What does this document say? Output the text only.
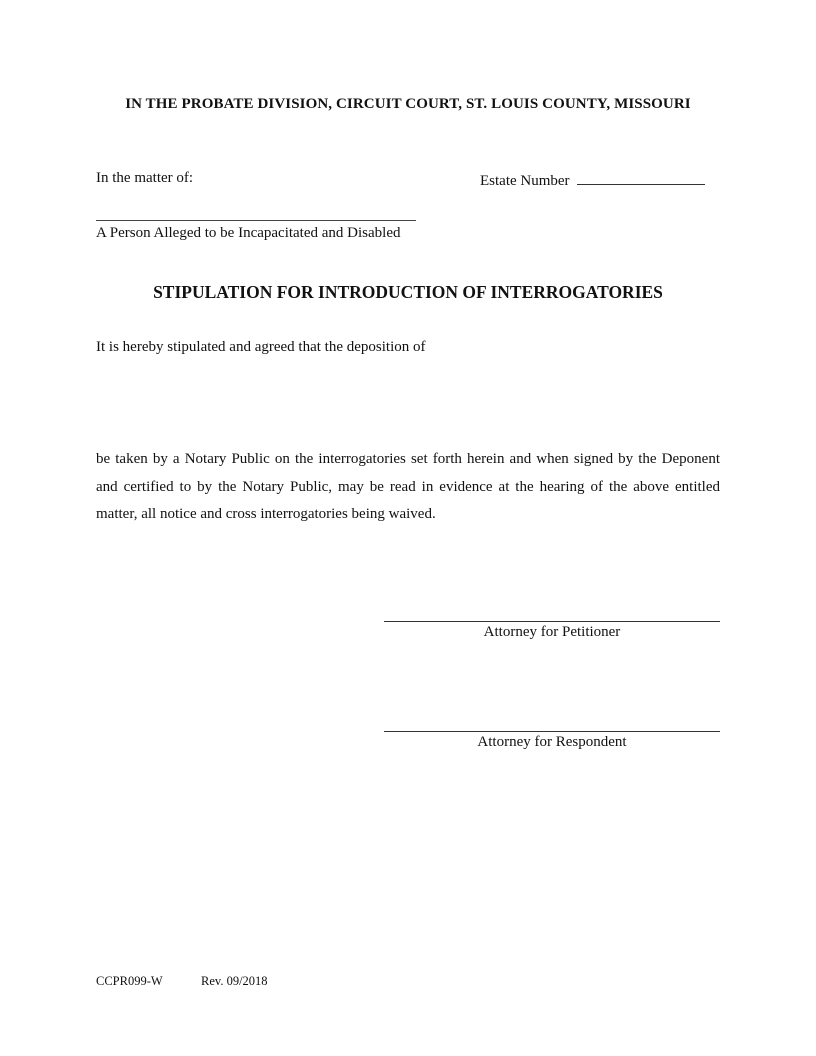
IN THE PROBATE DIVISION, CIRCUIT COURT, ST. LOUIS COUNTY, MISSOURI
In the matter of:	Estate Number
A Person Alleged to be Incapacitated and Disabled
STIPULATION FOR INTRODUCTION OF INTERROGATORIES
It is hereby stipulated and agreed that the deposition of
be taken by a Notary Public on the interrogatories set forth herein and when signed by the Deponent and certified to by the Notary Public, may be read in evidence at the hearing of the above entitled matter, all notice and cross interrogatories being waived.
Attorney for Petitioner
Attorney for Respondent
CCPR099-W	Rev. 09/2018
